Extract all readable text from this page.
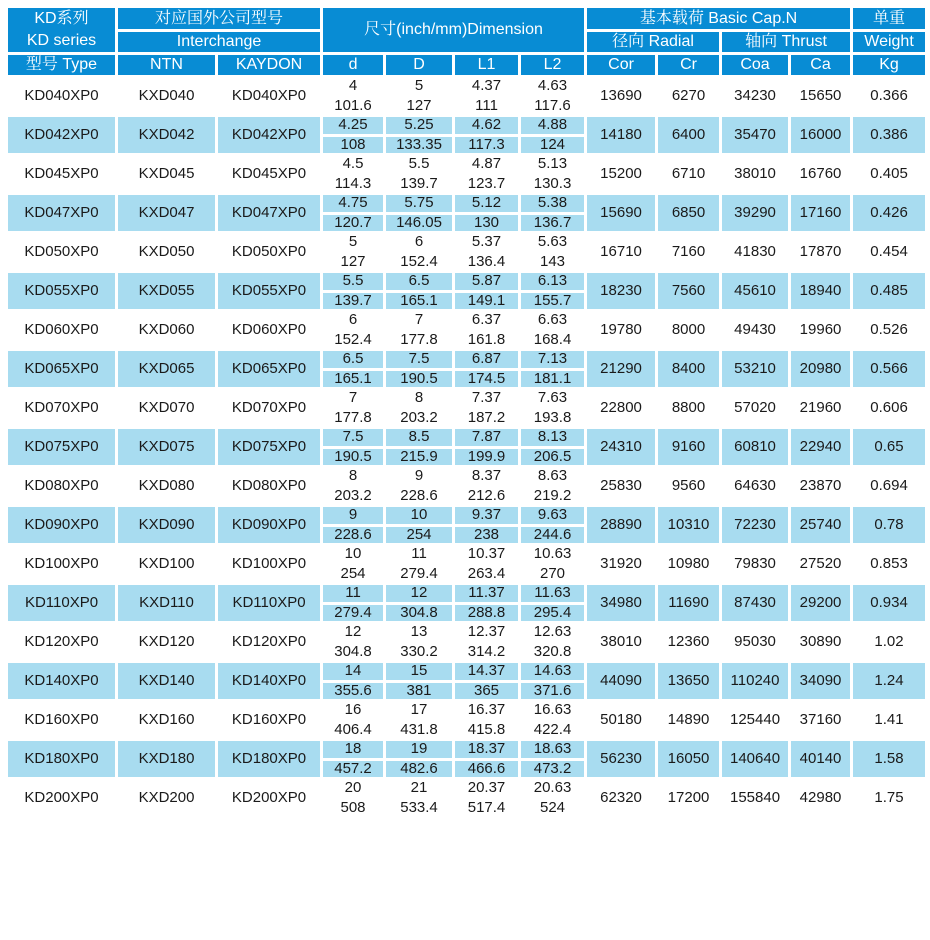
KD系列
KD series	对应国外公司型号		尺寸(inch/mm)Dimension				基本载荷 Basic Cap.N				单重
	Interchange						径向 Radial		轴向 Thrust		Weight
型号 Type	NTN	KAYDON	d	D	L1	L2	Cor	Cr	Coa	Ca	Kg
KD040XP0	KXD040	KD040XP0	4	5	4.37	4.63	13690	6270	34230	15650	0.366
			101.6	127	111	117.6					
KD042XP0	KXD042	KD042XP0	4.25	5.25	4.62	4.88	14180	6400	35470	16000	0.386
			108	133.35	117.3	124					
KD045XP0	KXD045	KD045XP0	4.5	5.5	4.87	5.13	15200	6710	38010	16760	0.405
			114.3	139.7	123.7	130.3					
KD047XP0	KXD047	KD047XP0	4.75	5.75	5.12	5.38	15690	6850	39290	17160	0.426
			120.7	146.05	130	136.7					
KD050XP0	KXD050	KD050XP0	5	6	5.37	5.63	16710	7160	41830	17870	0.454
			127	152.4	136.4	143					
KD055XP0	KXD055	KD055XP0	5.5	6.5	5.87	6.13	18230	7560	45610	18940	0.485
			139.7	165.1	149.1	155.7					
KD060XP0	KXD060	KD060XP0	6	7	6.37	6.63	19780	8000	49430	19960	0.526
			152.4	177.8	161.8	168.4					
KD065XP0	KXD065	KD065XP0	6.5	7.5	6.87	7.13	21290	8400	53210	20980	0.566
			165.1	190.5	174.5	181.1					
KD070XP0	KXD070	KD070XP0	7	8	7.37	7.63	22800	8800	57020	21960	0.606
			177.8	203.2	187.2	193.8					
KD075XP0	KXD075	KD075XP0	7.5	8.5	7.87	8.13	24310	9160	60810	22940	0.65
			190.5	215.9	199.9	206.5					
KD080XP0	KXD080	KD080XP0	8	9	8.37	8.63	25830	9560	64630	23870	0.694
			203.2	228.6	212.6	219.2					
KD090XP0	KXD090	KD090XP0	9	10	9.37	9.63	28890	10310	72230	25740	0.78
			228.6	254	238	244.6					
KD100XP0	KXD100	KD100XP0	10	11	10.37	10.63	31920	10980	79830	27520	0.853
			254	279.4	263.4	270					
KD110XP0	KXD110	KD110XP0	11	12	11.37	11.63	34980	11690	87430	29200	0.934
			279.4	304.8	288.8	295.4					
KD120XP0	KXD120	KD120XP0	12	13	12.37	12.63	38010	12360	95030	30890	1.02
			304.8	330.2	314.2	320.8					
KD140XP0	KXD140	KD140XP0	14	15	14.37	14.63	44090	13650	110240	34090	1.24
			355.6	381	365	371.6					
KD160XP0	KXD160	KD160XP0	16	17	16.37	16.63	50180	14890	125440	37160	1.41
			406.4	431.8	415.8	422.4					
KD180XP0	KXD180	KD180XP0	18	19	18.37	18.63	56230	16050	140640	40140	1.58
			457.2	482.6	466.6	473.2					
KD200XP0	KXD200	KD200XP0	20	21	20.37	20.63	62320	17200	155840	42980	1.75
			508	533.4	517.4	524					
